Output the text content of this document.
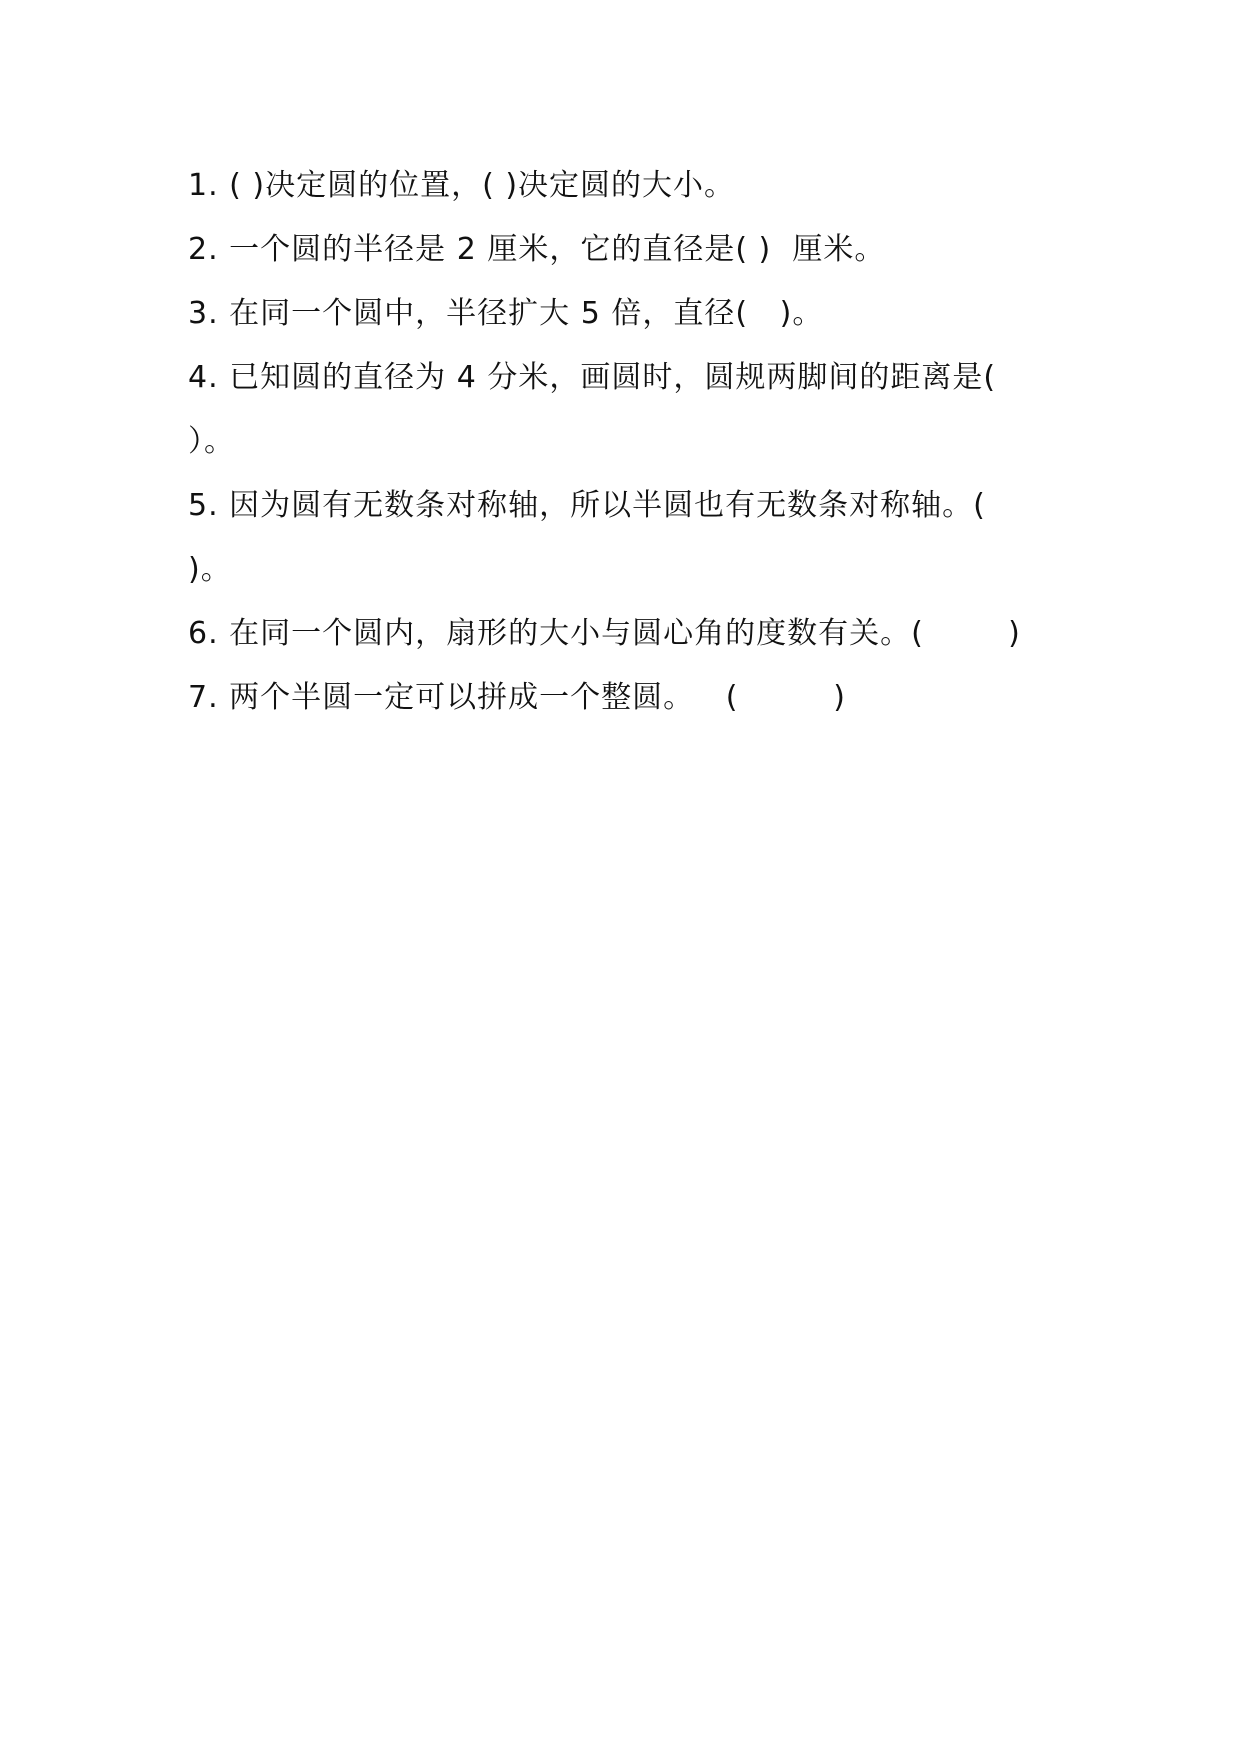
1. ( )决定圆的位置，( )决定圆的大小。
2. 一个圆的半径是 2 厘米，它的直径是( )  厘米。
3. 在同一个圆中，半径扩大 5 倍，直径(   )。
4. 已知圆的直径为 4 分米，画圆时，圆规两脚间的距离是(
）。
5. 因为圆有无数条对称轴，所以半圆也有无数条对称轴。(
)。
6. 在同一个圆内，扇形的大小与圆心角的度数有关。(        )
7. 两个半圆一定可以拼成一个整圆。   (         )
